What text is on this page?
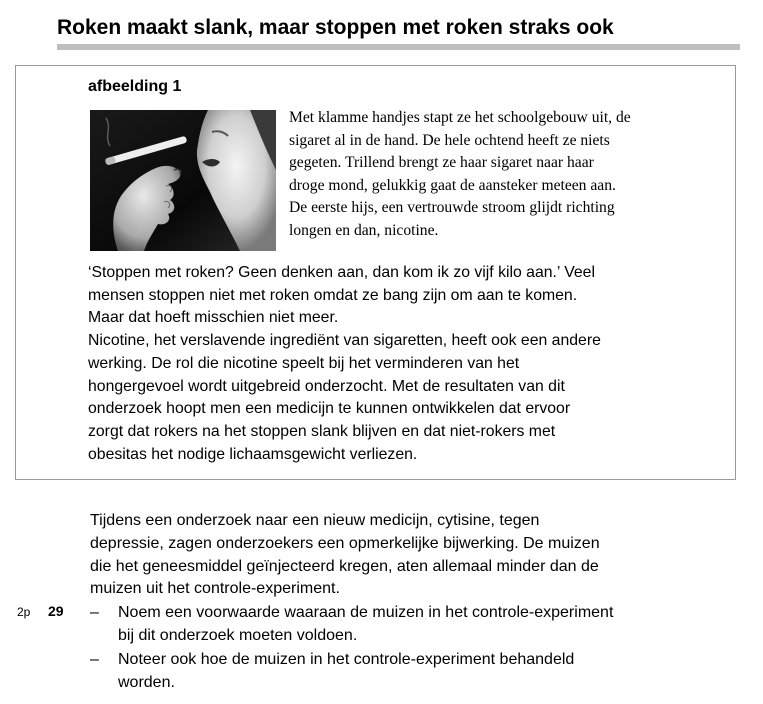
Roken maakt slank, maar stoppen met roken straks ook
afbeelding 1
Met klamme handjes stapt ze het schoolgebouw uit, de
sigaret al in de hand. De hele ochtend heeft ze niets
gegeten. Trillend brengt ze haar sigaret naar haar
droge mond, gelukkig gaat de aansteker meteen aan.
De eerste hijs, een vertrouwde stroom glijdt richting
longen en dan, nicotine.
‘Stoppen met roken? Geen denken aan, dan kom ik zo vijf kilo aan.’ Veel
mensen stoppen niet met roken omdat ze bang zijn om aan te komen.
Maar dat hoeft misschien niet meer.
Nicotine, het verslavende ingrediënt van sigaretten, heeft ook een andere
werking. De rol die nicotine speelt bij het verminderen van het
hongergevoel wordt uitgebreid onderzocht. Met de resultaten van dit
onderzoek hoopt men een medicijn te kunnen ontwikkelen dat ervoor
zorgt dat rokers na het stoppen slank blijven en dat niet-rokers met
obesitas het nodige lichaamsgewicht verliezen.
Tijdens een onderzoek naar een nieuw medicijn, cytisine, tegen
depressie, zagen onderzoekers een opmerkelijke bijwerking. De muizen
die het geneesmiddel geïnjecteerd kregen, aten allemaal minder dan de
muizen uit het controle-experiment.
2p 29 – Noem een voorwaarde waaraan de muizen in het controle-experiment
bij dit onderzoek moeten voldoen.
– Noteer ook hoe de muizen in het controle-experiment behandeld
worden.
